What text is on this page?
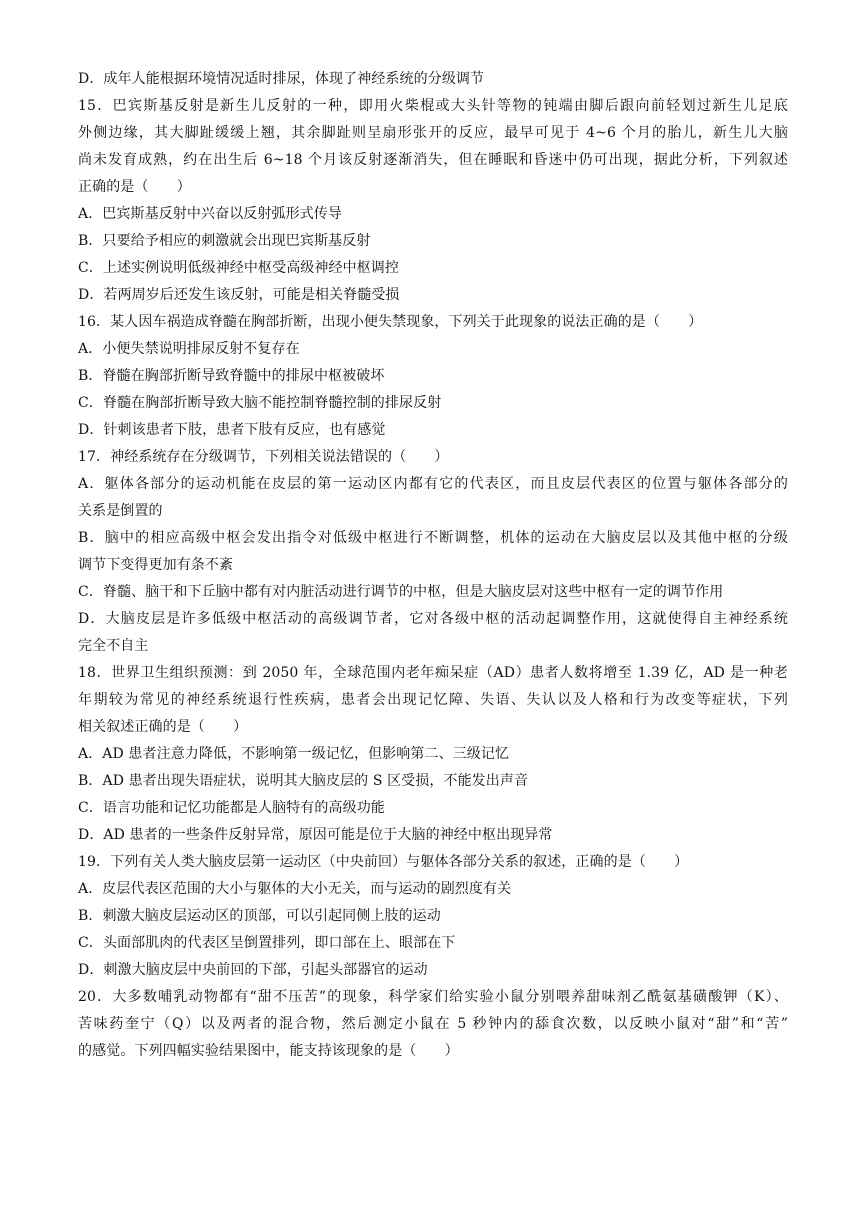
D．成年人能根据环境情况适时排尿，体现了神经系统的分级调节
15．巴宾斯基反射是新生儿反射的一种，即用火柴棍或大头针等物的钝端由脚后跟向前轻划过新生儿足底
外侧边缘，其大脚趾缓缓上翘，其余脚趾则呈扇形张开的反应，最早可见于 4~6 个月的胎儿，新生儿大脑
尚未发育成熟，约在出生后 6~18 个月该反射逐渐消失，但在睡眠和昏迷中仍可出现，据此分析，下列叙述
正确的是（　　）
A．巴宾斯基反射中兴奋以反射弧形式传导
B．只要给予相应的刺激就会出现巴宾斯基反射
C．上述实例说明低级神经中枢受高级神经中枢调控
D．若两周岁后还发生该反射，可能是相关脊髓受损
16．某人因车祸造成脊髓在胸部折断，出现小便失禁现象，下列关于此现象的说法正确的是（　　）
A．小便失禁说明排尿反射不复存在
B．脊髓在胸部折断导致脊髓中的排尿中枢被破坏
C．脊髓在胸部折断导致大脑不能控制脊髓控制的排尿反射
D．针刺该患者下肢，患者下肢有反应，也有感觉
17．神经系统存在分级调节，下列相关说法错误的（　　）
A．躯体各部分的运动机能在皮层的第一运动区内都有它的代表区，而且皮层代表区的位置与躯体各部分的
关系是倒置的
B．脑中的相应高级中枢会发出指令对低级中枢进行不断调整，机体的运动在大脑皮层以及其他中枢的分级
调节下变得更加有条不紊
C．脊髓、脑干和下丘脑中都有对内脏活动进行调节的中枢，但是大脑皮层对这些中枢有一定的调节作用
D．大脑皮层是许多低级中枢活动的高级调节者，它对各级中枢的活动起调整作用，这就使得自主神经系统
完全不自主
18．世界卫生组织预测：到 2050 年，全球范围内老年痴呆症（AD）患者人数将增至 1.39 亿，AD 是一种老
年期较为常见的神经系统退行性疾病，患者会出现记忆障、失语、失认以及人格和行为改变等症状，下列
相关叙述正确的是（　　）
A．AD 患者注意力降低，不影响第一级记忆，但影响第二、三级记忆
B．AD 患者出现失语症状，说明其大脑皮层的 S 区受损，不能发出声音
C．语言功能和记忆功能都是人脑特有的高级功能
D．AD 患者的一些条件反射异常，原因可能是位于大脑的神经中枢出现异常
19．下列有关人类大脑皮层第一运动区（中央前回）与躯体各部分关系的叙述，正确的是（　　）
A．皮层代表区范围的大小与躯体的大小无关，而与运动的剧烈度有关
B．刺激大脑皮层运动区的顶部，可以引起同侧上肢的运动
C．头面部肌肉的代表区呈倒置排列，即口部在上、眼部在下
D．刺激大脑皮层中央前回的下部，引起头部器官的运动
20．大多数哺乳动物都有“甜不压苦”的现象，科学家们给实验小鼠分别喂养甜味剂乙酰氨基磺酸钾（K）、
苦味药奎宁（Q）以及两者的混合物，然后测定小鼠在 5 秒钟内的舔食次数，以反映小鼠对“甜”和“苦”
的感觉。下列四幅实验结果图中，能支持该现象的是（　　）
